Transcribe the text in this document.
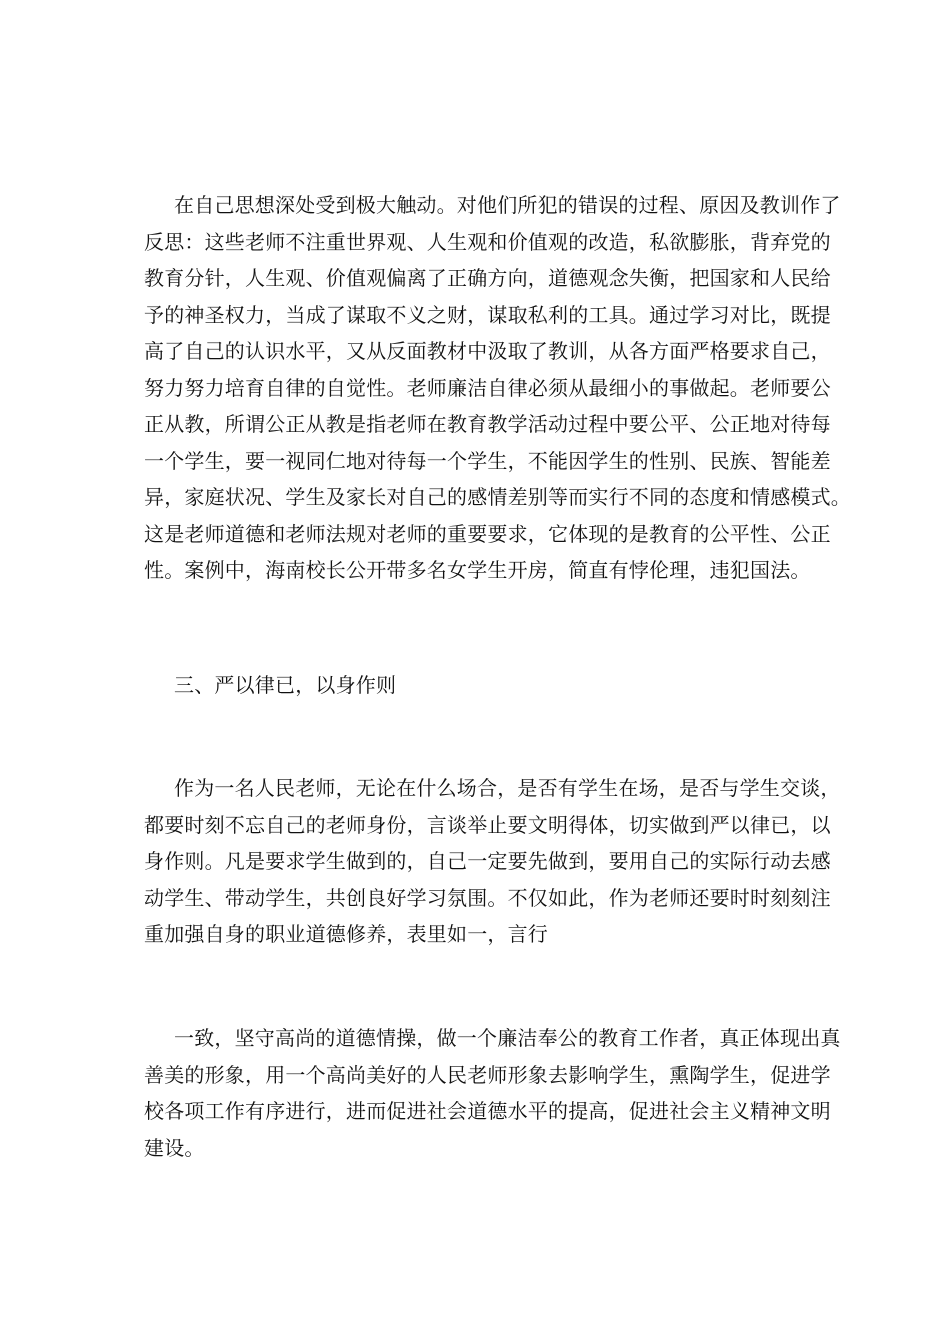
在自己思想深处受到极大触动。对他们所犯的错误的过程、原因及教训作了
反思：这些老师不注重世界观、人生观和价值观的改造，私欲膨胀，背弃党的
教育分针，人生观、价值观偏离了正确方向，道德观念失衡，把国家和人民给
予的神圣权力，当成了谋取不义之财，谋取私利的工具。通过学习对比，既提
高了自己的认识水平，又从反面教材中汲取了教训，从各方面严格要求自己，
努力努力培育自律的自觉性。老师廉洁自律必须从最细小的事做起。老师要公
正从教，所谓公正从教是指老师在教育教学活动过程中要公平、公正地对待每
一个学生，要一视同仁地对待每一个学生，不能因学生的性别、民族、智能差
异，家庭状况、学生及家长对自己的感情差别等而实行不同的态度和情感模式。
这是老师道德和老师法规对老师的重要要求，它体现的是教育的公平性、公正
性。案例中，海南校长公开带多名女学生开房，简直有悖伦理，违犯国法。
三、严以律已，以身作则
作为一名人民老师，无论在什么场合，是否有学生在场，是否与学生交谈，
都要时刻不忘自己的老师身份，言谈举止要文明得体，切实做到严以律已，以
身作则。凡是要求学生做到的，自己一定要先做到，要用自己的实际行动去感
动学生、带动学生，共创良好学习氛围。不仅如此，作为老师还要时时刻刻注
重加强自身的职业道德修养，表里如一，言行
一致，坚守高尚的道德情操，做一个廉洁奉公的教育工作者，真正体现出真
善美的形象，用一个高尚美好的人民老师形象去影响学生，熏陶学生，促进学
校各项工作有序进行，进而促进社会道德水平的提高，促进社会主义精神文明
建设。
